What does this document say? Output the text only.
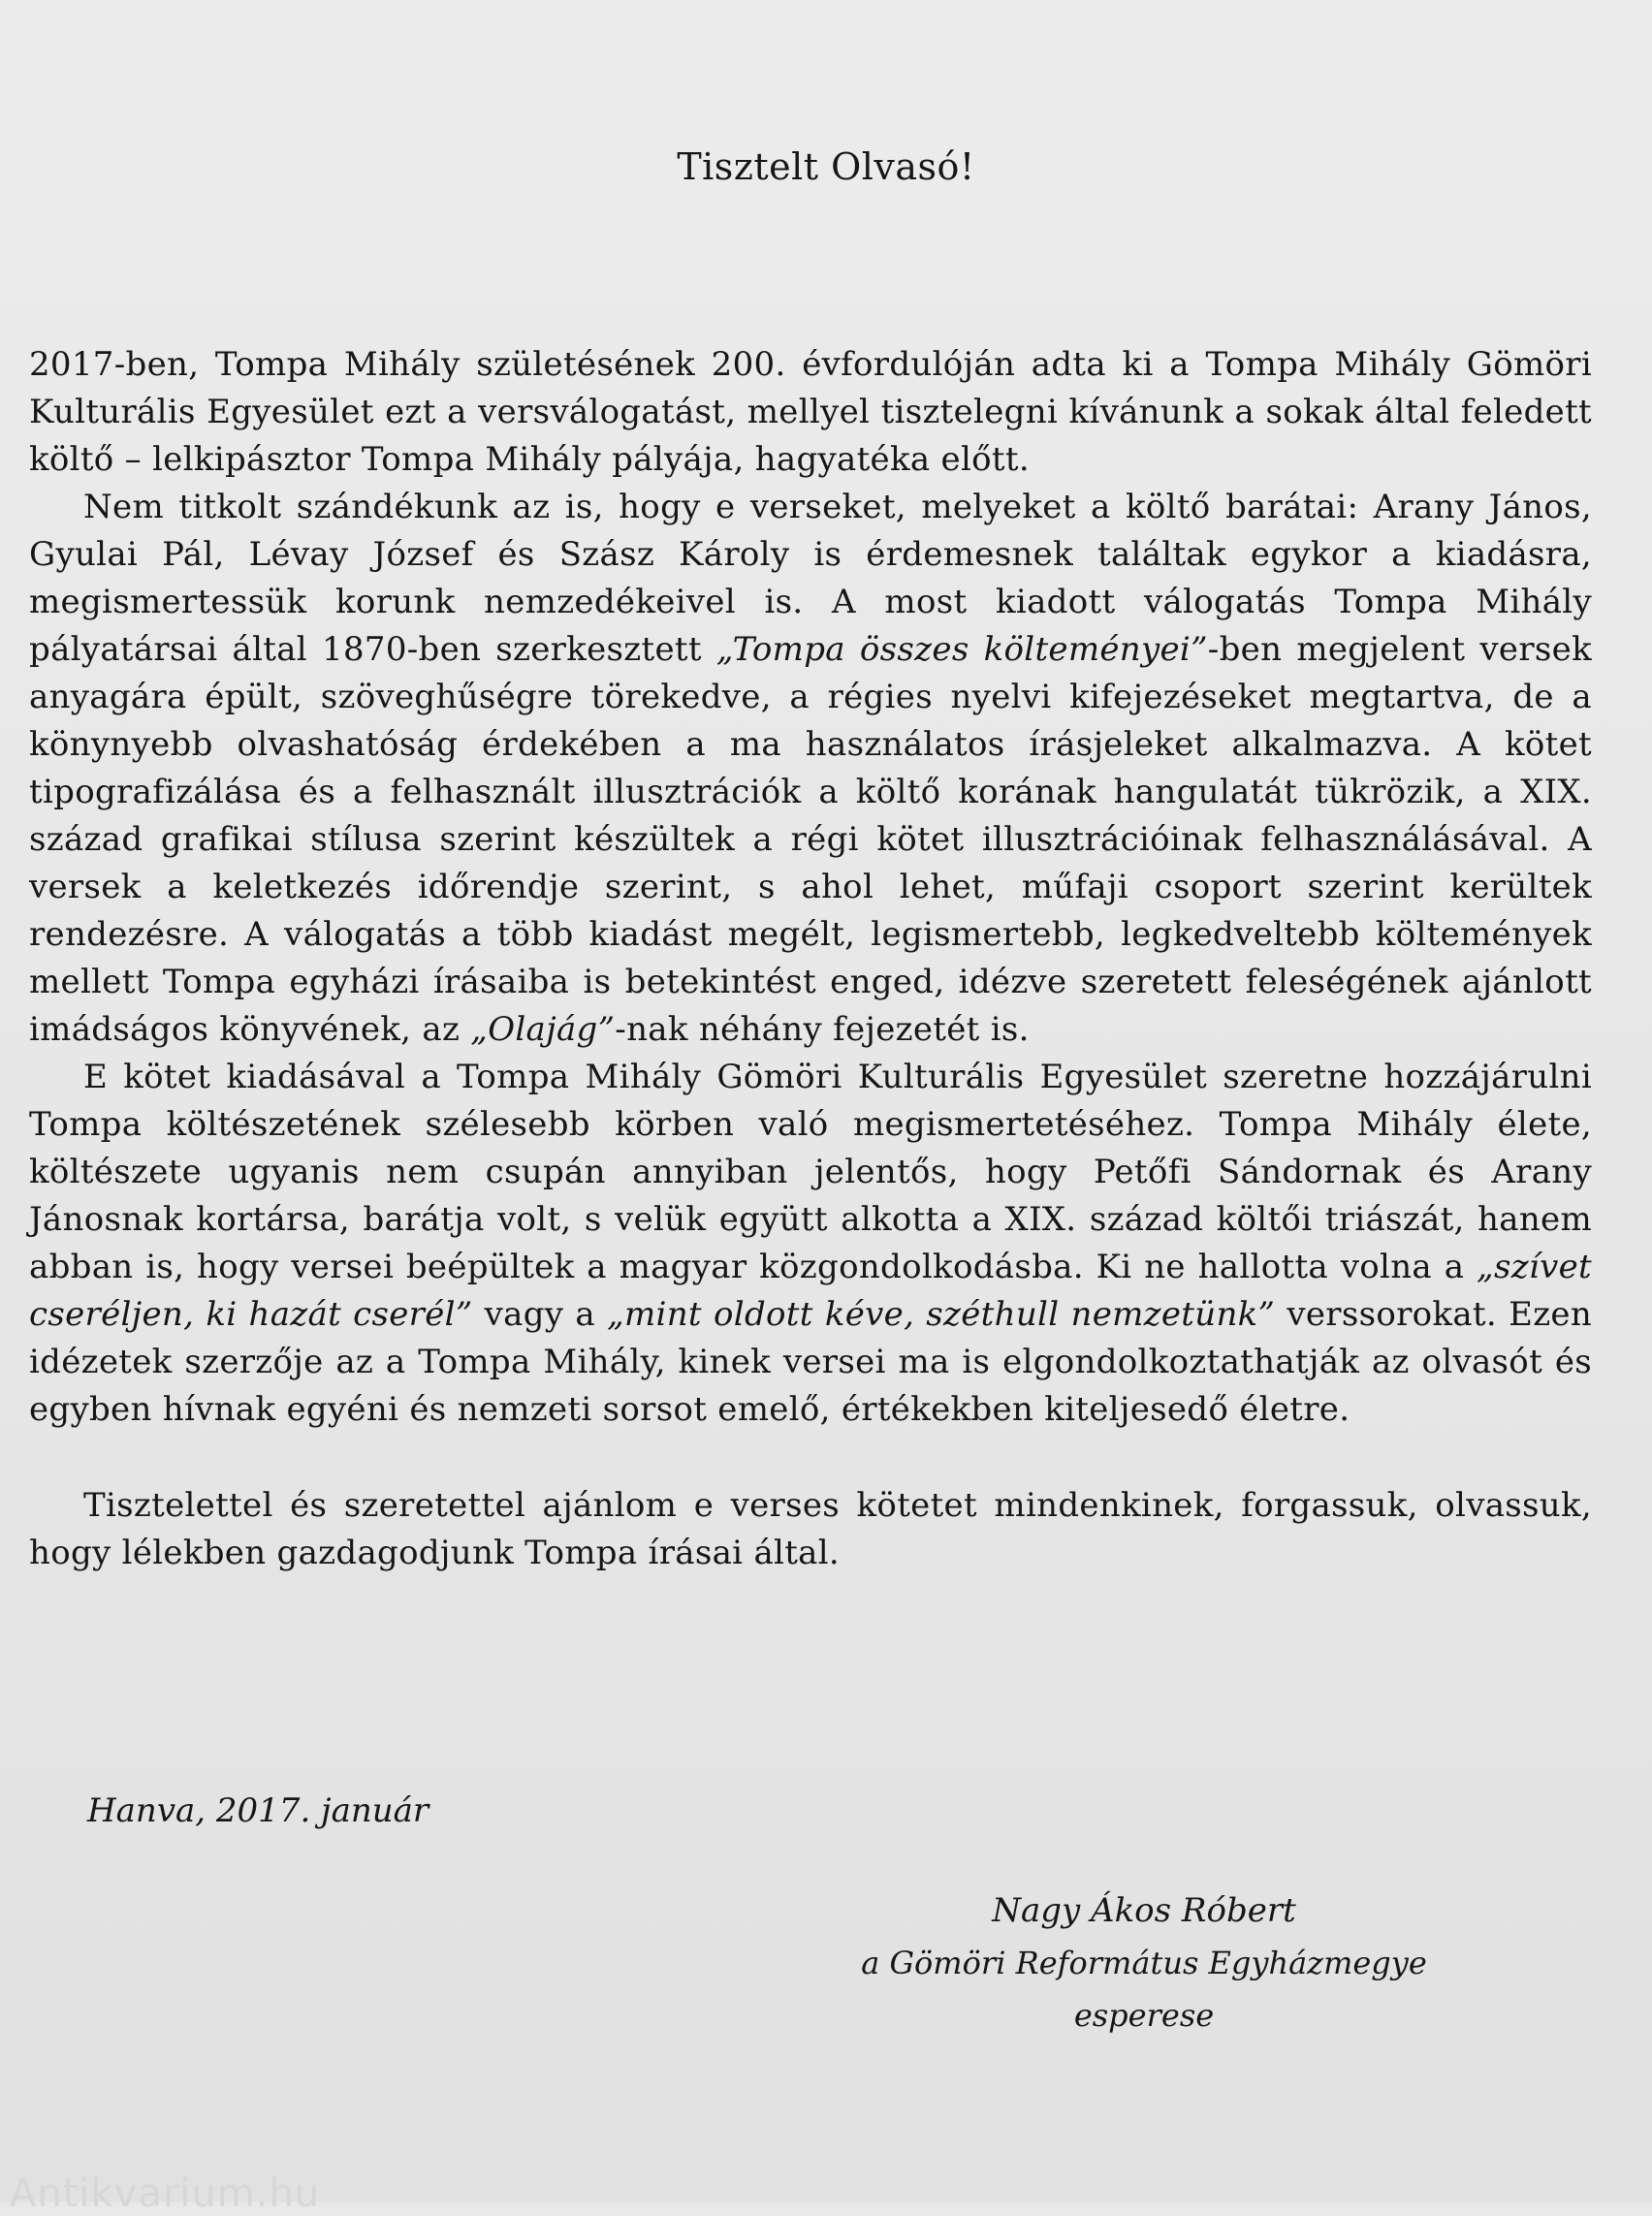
Tisztelt Olvasó!

2017-ben, Tompa Mihály születésének 200. évfordulóján adta ki a Tompa Mihály Gömöri Kulturális Egyesület ezt a versválogatást, mellyel tisztelegni kívánunk a sokak által feledett költő – lelkipásztor Tompa Mihály pályája, hagyatéka előtt.

Nem titkolt szándékunk az is, hogy e verseket, melyeket a költő barátai: Arany János, Gyulai Pál, Lévay József és Szász Károly is érdemesnek találtak egykor a kiadásra, megismertessük korunk nemzedékeivel is. A most kiadott válogatás Tompa Mihály pályatársai által 1870-ben szerkesztett „Tompa összes költeményei”-ben megjelent versek anyagára épült, szöveghűségre törekedve, a régies nyelvi kifejezéseket megtartva, de a könynyebb olvashatóság érdekében a ma használatos írásjeleket alkalmazva. A kötet tipografizálása és a felhasznált illusztrációk a költő korának hangulatát tükrözik, a XIX. század grafikai stílusa szerint készültek a régi kötet illusztrációinak felhasználásával. A versek a keletkezés időrendje szerint, s ahol lehet, műfaji csoport szerint kerültek rendezésre. A válogatás a több kiadást megélt, legismertebb, legkedveltebb költemények mellett Tompa egyházi írásaiba is betekintést enged, idézve szeretett feleségének ajánlott imádságos könyvének, az „Olajág”-nak néhány fejezetét is.

E kötet kiadásával a Tompa Mihály Gömöri Kulturális Egyesület szeretne hozzájárulni Tompa költészetének szélesebb körben való megismertetéséhez. Tompa Mihály élete, költészete ugyanis nem csupán annyiban jelentős, hogy Petőfi Sándornak és Arany Jánosnak kortársa, barátja volt, s velük együtt alkotta a XIX. század költői triászát, hanem abban is, hogy versei beépültek a magyar közgondolkodásba. Ki ne hallotta volna a „szívet cseréljen, ki hazát cserél” vagy a „mint oldott kéve, széthull nemzetünk” verssorokat. Ezen idézetek szerzője az a Tompa Mihály, kinek versei ma is elgondolkoztathatják az olvasót és egyben hívnak egyéni és nemzeti sorsot emelő, értékekben kiteljesedő életre.

Tisztelettel és szeretettel ajánlom e verses kötetet mindenkinek, forgassuk, olvassuk, hogy lélekben gazdagodjunk Tompa írásai által.

Hanva, 2017. január
Nagy Ákos Róbert
a Gömöri Református Egyházmegye
esperese
Antikvarium.hu
